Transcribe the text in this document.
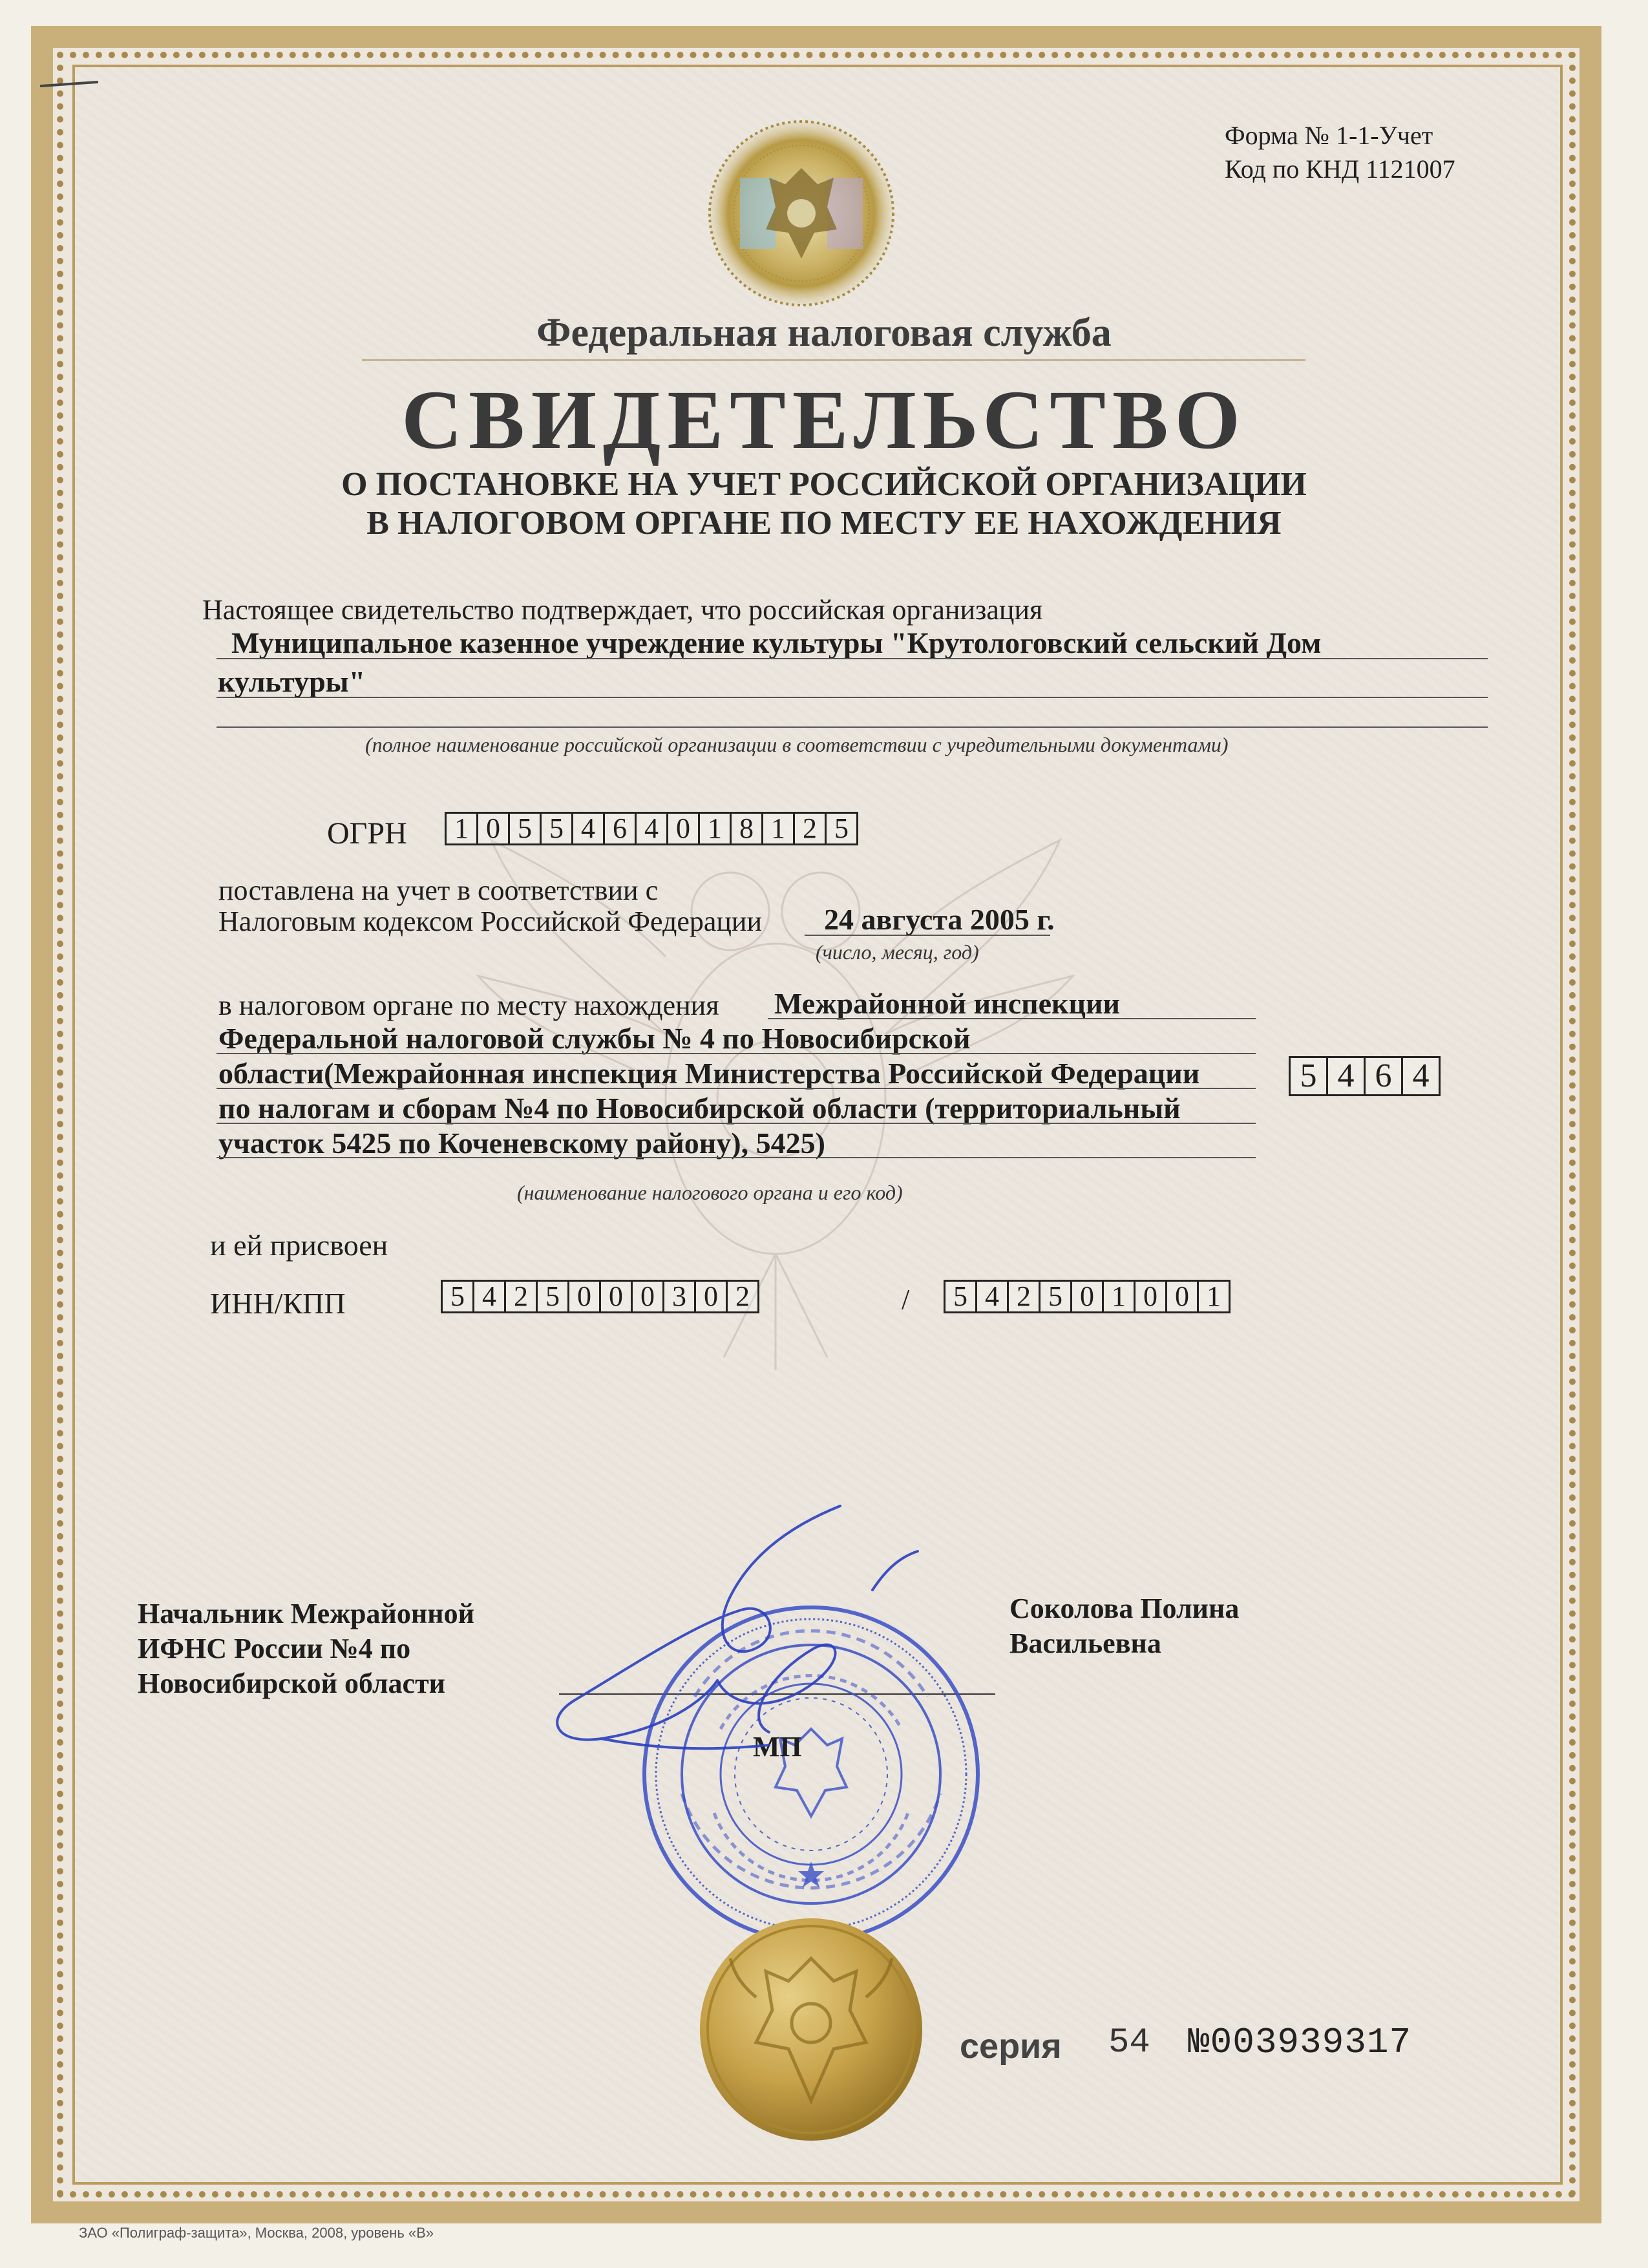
Форма № 1-1-Учет
Код по КНД 1121007
Федеральная налоговая служба
СВИДЕТЕЛЬСТВО
О ПОСТАНОВКЕ НА УЧЕТ РОССИЙСКОЙ ОРГАНИЗАЦИИ
В НАЛОГОВОМ ОРГАНЕ ПО МЕСТУ ЕЕ НАХОЖДЕНИЯ
Настоящее свидетельство подтверждает, что российская организация
Муниципальное казенное учреждение культуры "Крутологовский сельский Дом
культуры"
(полное наименование российской организации в соответствии с учредительными документами)
ОГРН 1 0 5 5 4 6 4 0 1 8 1 2 5
поставлена на учет в соответствии с
Налоговым кодексом Российской Федерации 24 августа 2005 г.
(число, месяц, год)
в налоговом органе по месту нахождения Межрайонной инспекции
Федеральной налоговой службы № 4 по Новосибирской
области(Межрайонная инспекция Министерства Российской Федерации
по налогам и сборам №4 по Новосибирской области (территориальный
участок 5425 по Коченевскому району), 5425)
5 4 6 4
(наименование налогового органа и его код)
и ей присвоен
ИНН/КПП	5 4 2 5 0 0 0 3 0 2	/ 5 4 2 5 0 1 0 0 1
Начальник Межрайонной
ИФНС России №4 по
Новосибирской области
Соколова Полина
Васильевна
МП
серия 54 №003939317
ЗАО «Полиграф-защита», Москва, 2008, уровень «В»
